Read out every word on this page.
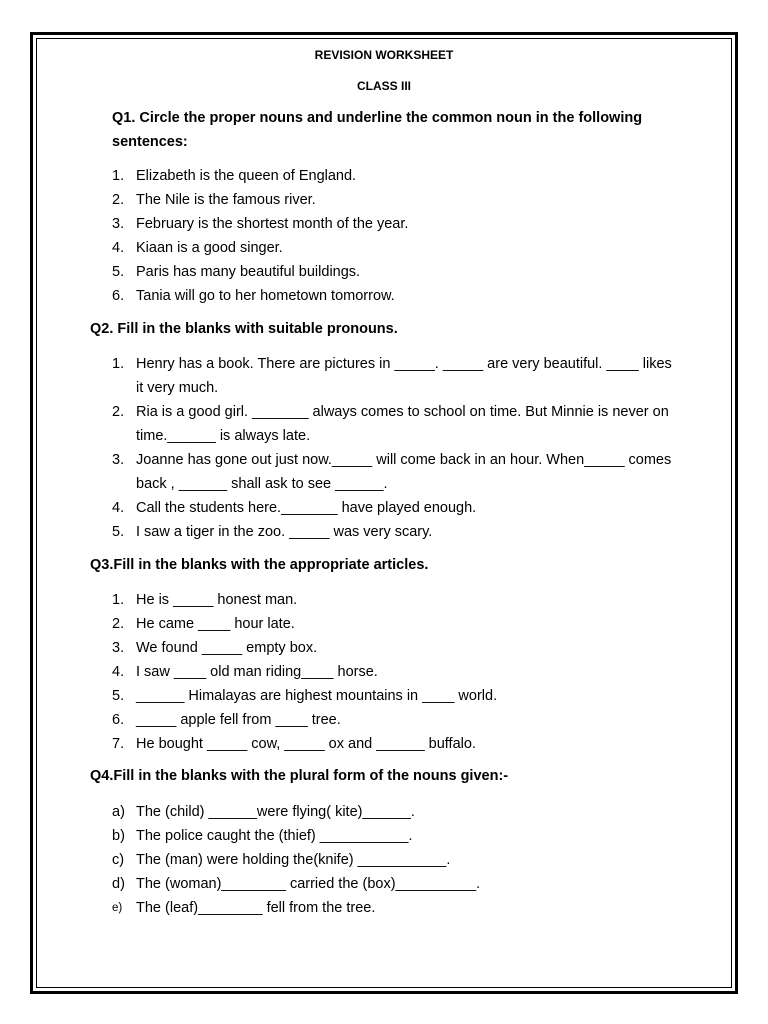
REVISION WORKSHEET
CLASS III
Q1. Circle the proper nouns and underline the common noun in the following sentences:
1. Elizabeth is the queen of England.
2. The Nile is the famous river.
3. February is the shortest month of the year.
4. Kiaan is a good singer.
5. Paris has many beautiful buildings.
6. Tania will go to her hometown tomorrow.
Q2. Fill in the blanks with suitable pronouns.
1. Henry has a book. There are pictures in _____. _____ are very beautiful. ____ likes it very much.
2. Ria is a good girl. _______ always comes to school on time. But Minnie is never on time.______ is always late.
3. Joanne has gone out just now._____ will come back in an hour. When_____ comes back , ______ shall ask to see ______.
4. Call the students here._______ have played enough.
5. I saw a tiger in the zoo. _____ was very scary.
Q3.Fill in the blanks with the appropriate articles.
1. He is _____ honest man.
2. He came ____ hour late.
3. We found _____ empty box.
4. I saw ____ old man riding____ horse.
5. ______ Himalayas are highest mountains in ____ world.
6. _____ apple fell from ____ tree.
7. He bought _____ cow, _____ ox and ______ buffalo.
Q4.Fill in the blanks with the plural form of the nouns given:-
a) The (child) ______were flying( kite)______.
b) The police caught the (thief) ___________.
c) The (man) were holding the(knife) ___________.
d) The (woman)________ carried the (box)__________.
e) The (leaf)________ fell from the tree.
